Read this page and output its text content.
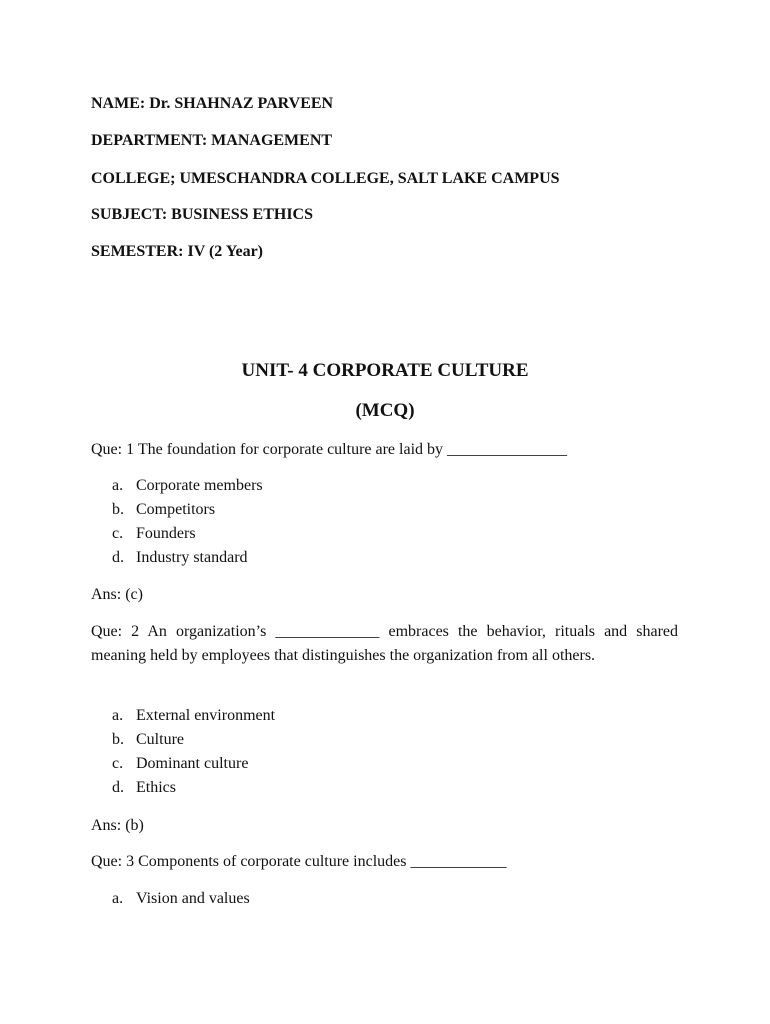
NAME: Dr. SHAHNAZ PARVEEN

DEPARTMENT: MANAGEMENT

COLLEGE; UMESCHANDRA COLLEGE, SALT LAKE CAMPUS

SUBJECT: BUSINESS ETHICS

SEMESTER: IV (2 Year)

UNIT- 4 CORPORATE CULTURE
(MCQ)

Que: 1 The foundation for corporate culture are laid by _______________

a. Corporate members
b. Competitors
c. Founders
d. Industry standard

Ans: (c)

Que: 2 An organization’s _____________ embraces the behavior, rituals and shared meaning held by employees that distinguishes the organization from all others.

a. External environment
b. Culture
c. Dominant culture
d. Ethics

Ans: (b)

Que: 3 Components of corporate culture includes ____________

a. Vision and values
